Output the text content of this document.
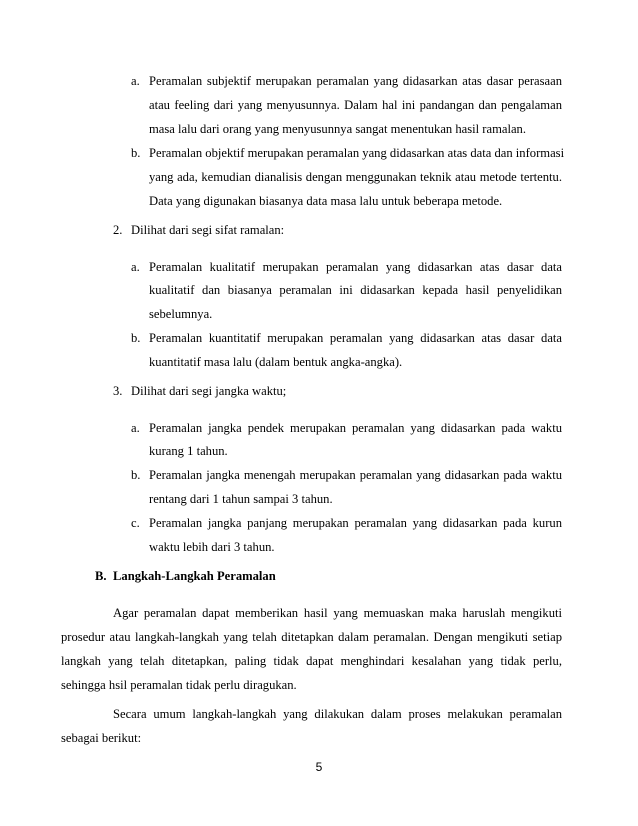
a. Peramalan subjektif merupakan peramalan yang didasarkan atas dasar perasaan
atau feeling dari yang menyusunnya. Dalam hal ini pandangan dan pengalaman
masa lalu dari orang yang menyusunnya sangat menentukan hasil ramalan.
b. Peramalan objektif merupakan peramalan yang didasarkan atas data dan informasi
yang ada, kemudian dianalisis dengan menggunakan teknik atau metode tertentu.
Data yang digunakan biasanya data masa lalu untuk beberapa metode.
2. Dilihat dari segi sifat ramalan:
a. Peramalan kualitatif merupakan peramalan yang didasarkan atas dasar data
kualitatif dan biasanya peramalan ini didasarkan kepada hasil penyelidikan
sebelumnya.
b. Peramalan kuantitatif merupakan peramalan yang didasarkan atas dasar data
kuantitatif masa lalu (dalam bentuk angka-angka).
3. Dilihat dari segi jangka waktu;
a. Peramalan jangka pendek merupakan peramalan yang didasarkan pada waktu
kurang 1 tahun.
b. Peramalan jangka menengah merupakan peramalan yang didasarkan pada waktu
rentang dari 1 tahun sampai 3 tahun.
c. Peramalan jangka panjang merupakan peramalan yang didasarkan pada kurun
waktu lebih dari 3 tahun.
B. Langkah-Langkah Peramalan
Agar peramalan dapat memberikan hasil yang memuaskan maka haruslah mengikuti
prosedur atau langkah-langkah yang telah ditetapkan dalam peramalan. Dengan mengikuti setiap
langkah yang telah ditetapkan, paling tidak dapat menghindari kesalahan yang tidak perlu,
sehingga hsil peramalan tidak perlu diragukan.
Secara umum langkah-langkah yang dilakukan dalam proses melakukan peramalan
sebagai berikut:
5
